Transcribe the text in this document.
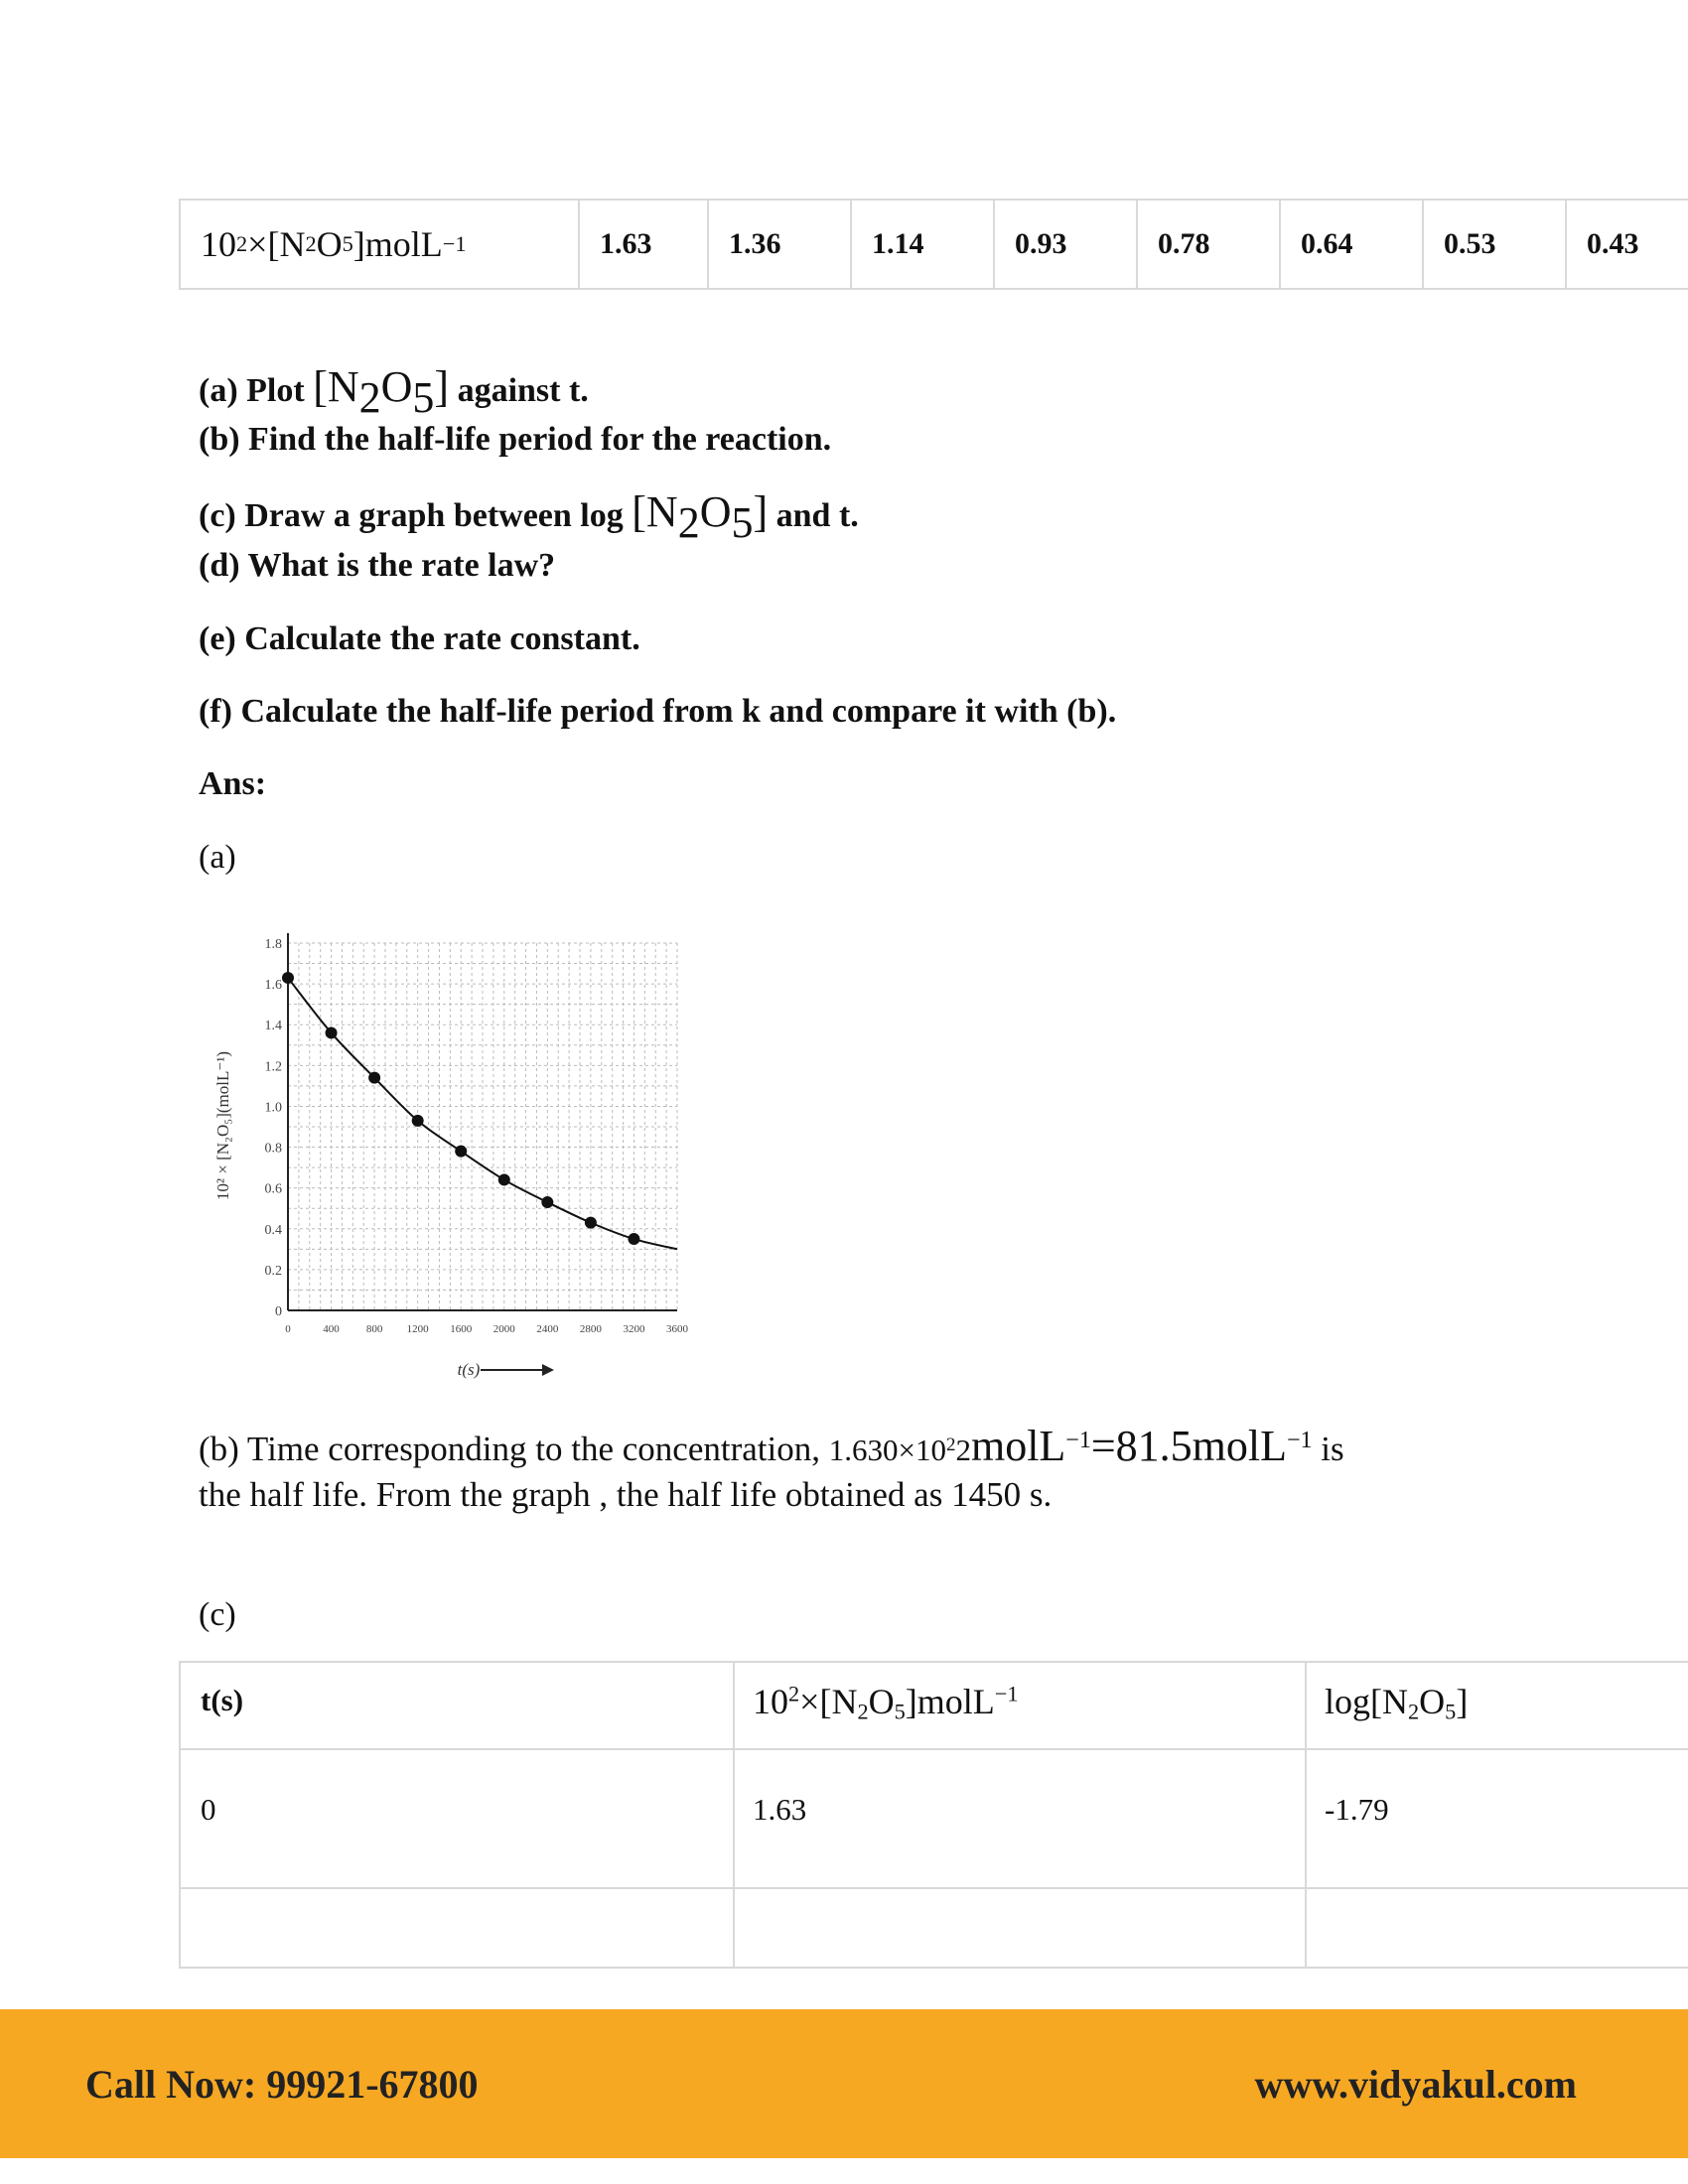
10 2 ×[N 2 O 5 ]molL −1	1.63	1.36	1.14	0.93	0.78	0.64	0.53	0.43
(a) Plot $[N_2O_5]$ against t.
(b) Find the half-life period for the reaction.
(c) Draw a graph between $\log [N_2O_5]$ and t.
(d) What is the rate law?
(e) Calculate the rate constant.
(f) Calculate the half-life period from k and compare it with (b).
Ans:
(a)
0	400 800 1200 1600 2000 2400 2800 3200 3600
0
0.2
0.4
0.6
0.8
1.0
1.2
1.4
1.6
1.8
10² × [N₂O₅](molL⁻¹)
t(s)
(b) Time corresponding to the concentration, $1.630\times 10^22molL^{-1}=81.5molL^{-1}$ is
the half life. From the graph , the half life obtained as 1450 s.
(c)
t(s)	$10^2\times[N_2O_5]molL^{-1}$	$\log[N_2O_5]$
0	1.63	-1.79
Call Now: 99921-67800	www.vidyakul.com
